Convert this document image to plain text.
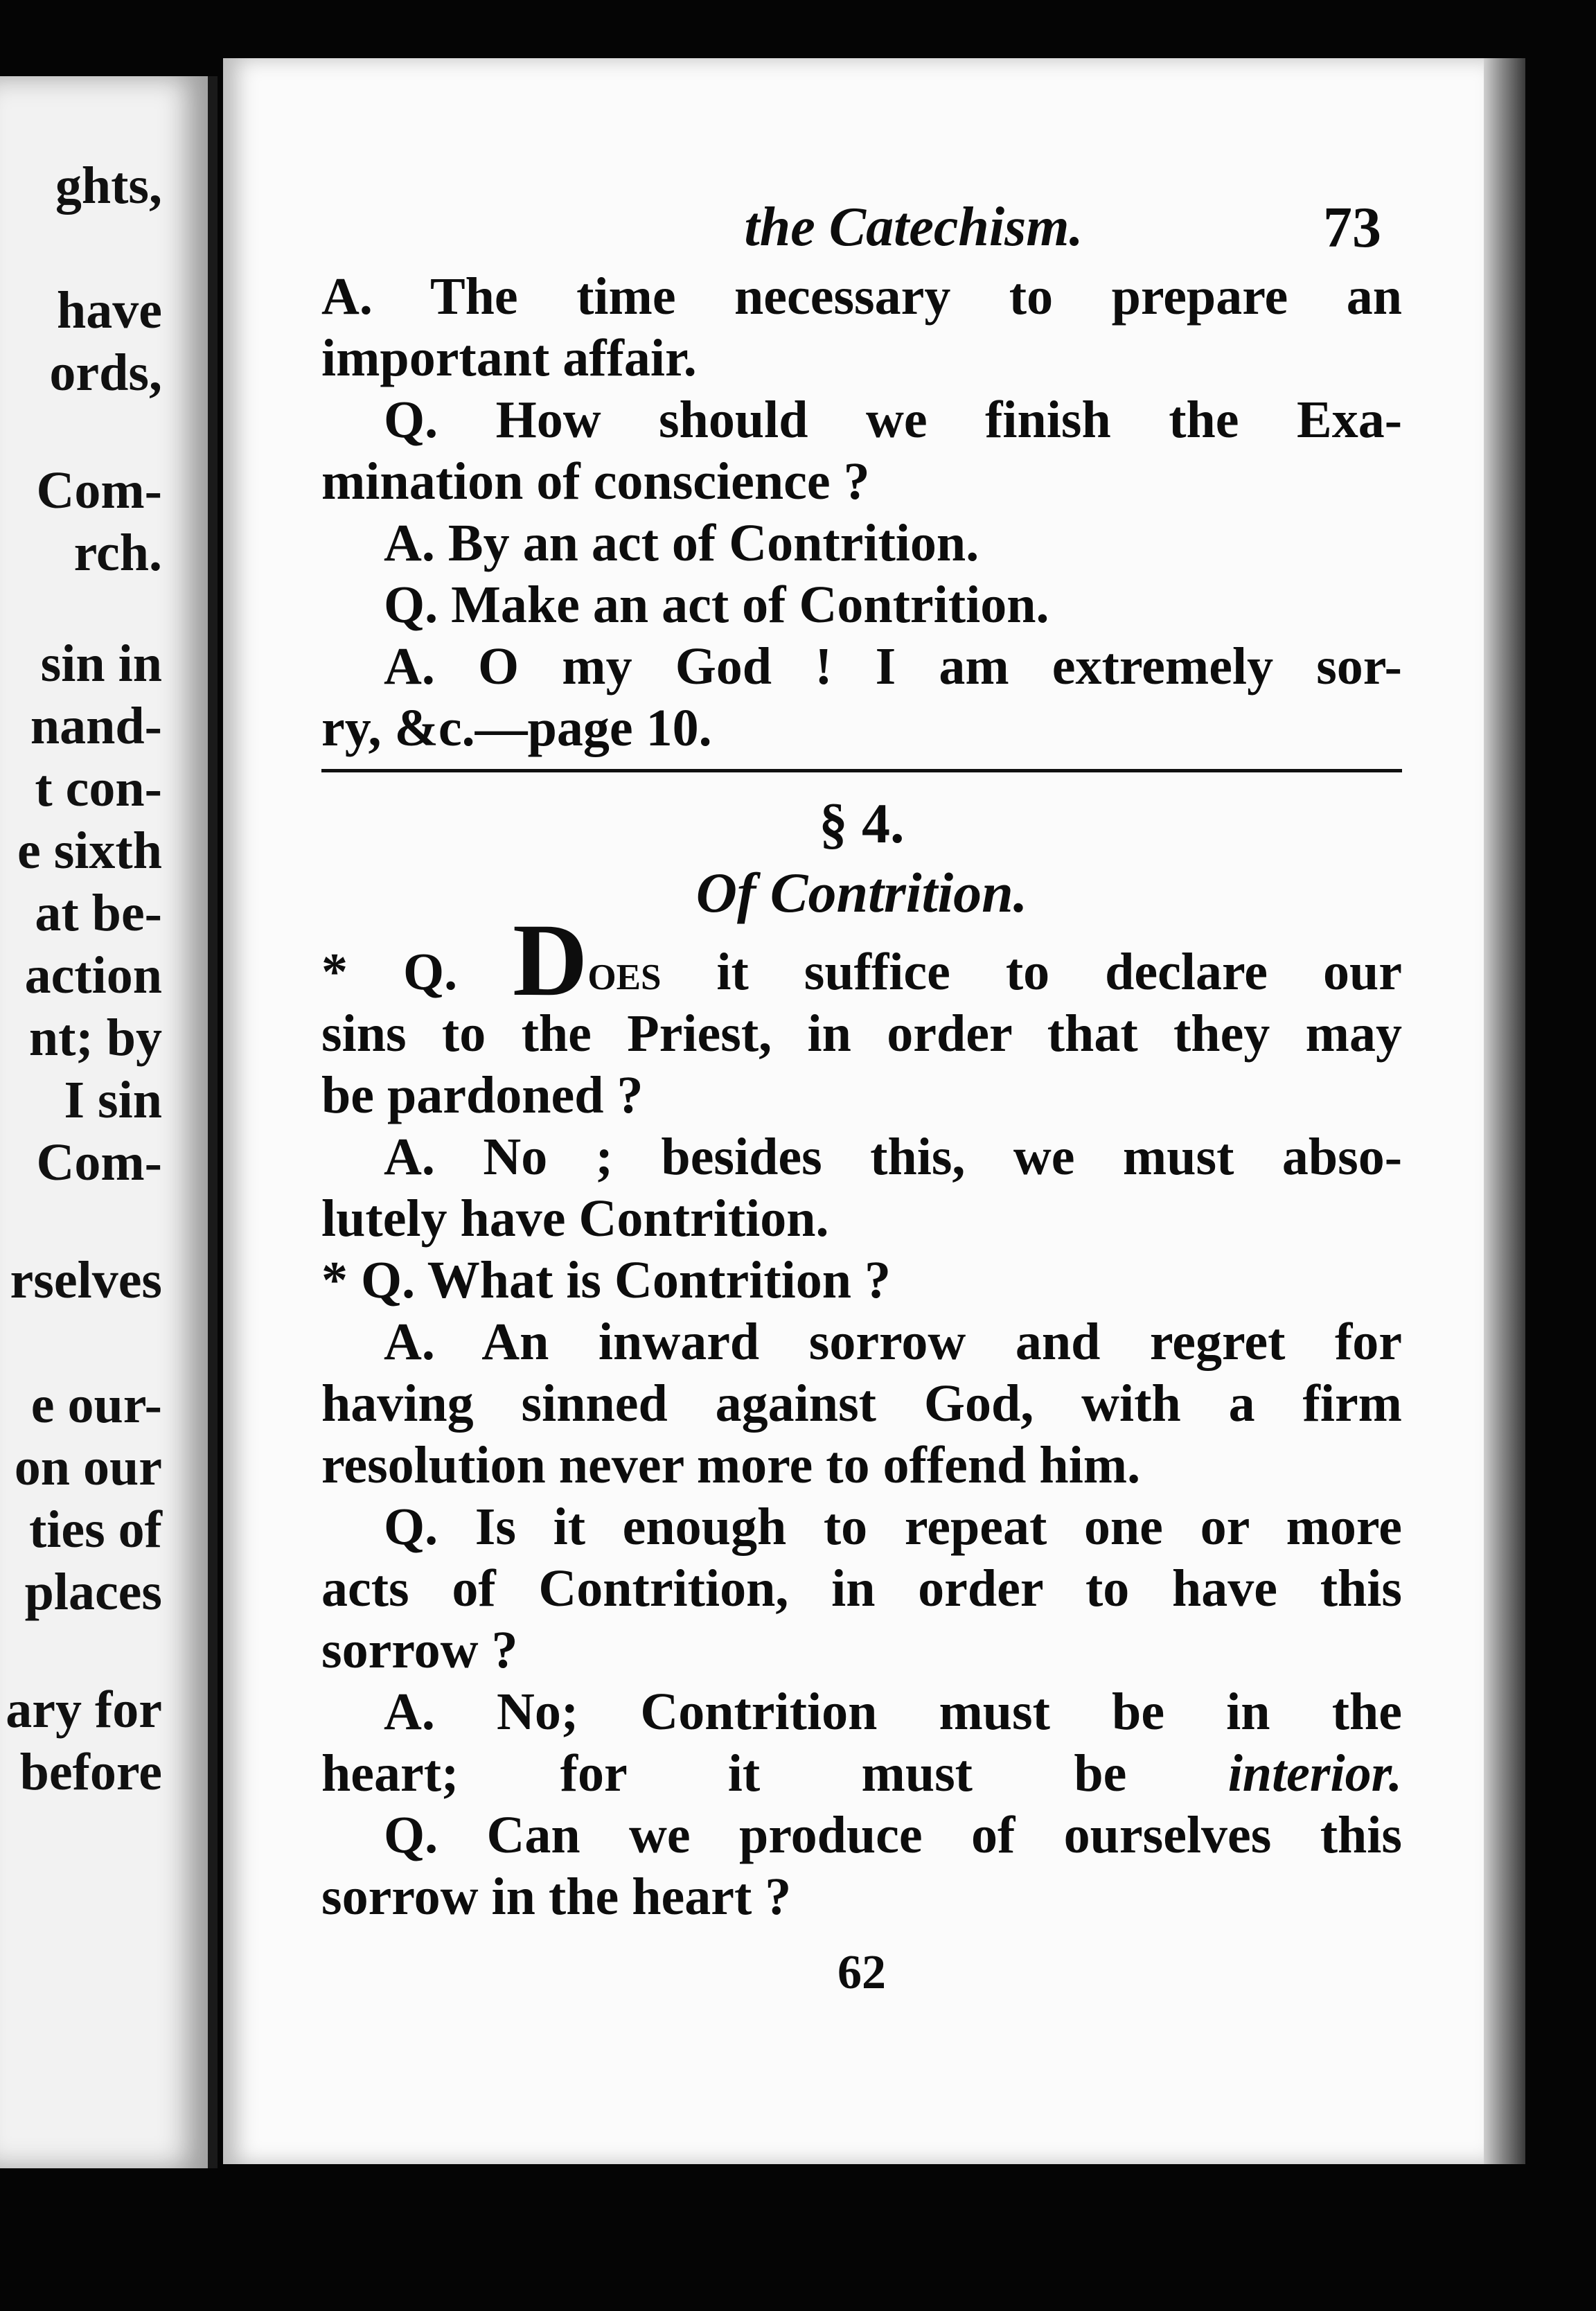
ghts,
have
ords,
Com-
rch.
sin in
nand-
t con-
e sixth
at be-
action
nt; by
I sin
Com-
rselves
e our-
on our
ties of
places
ary for
before
the Catechism.	73
A. The time necessary to prepare an
important affair.
Q. How should we finish the Exa-
mination of conscience ?
A. By an act of Contrition.
Q. Make an act of Contrition.
A. O my God ! I am extremely sor-
ry, &c.—page 10.
§ 4.
Of Contrition.
* Q. Does it suffice to declare our
sins to the Priest, in order that they may
be pardoned ?
A. No ; besides this, we must abso-
lutely have Contrition.
* Q. What is Contrition ?
A. An inward sorrow and regret for
having sinned against God, with a firm
resolution never more to offend him.
Q. Is it enough to repeat one or more
acts of Contrition, in order to have this
sorrow ?
A. No; Contrition must be in the
heart; for it must be interior.
Q. Can we produce of ourselves this
sorrow in the heart ?
62
